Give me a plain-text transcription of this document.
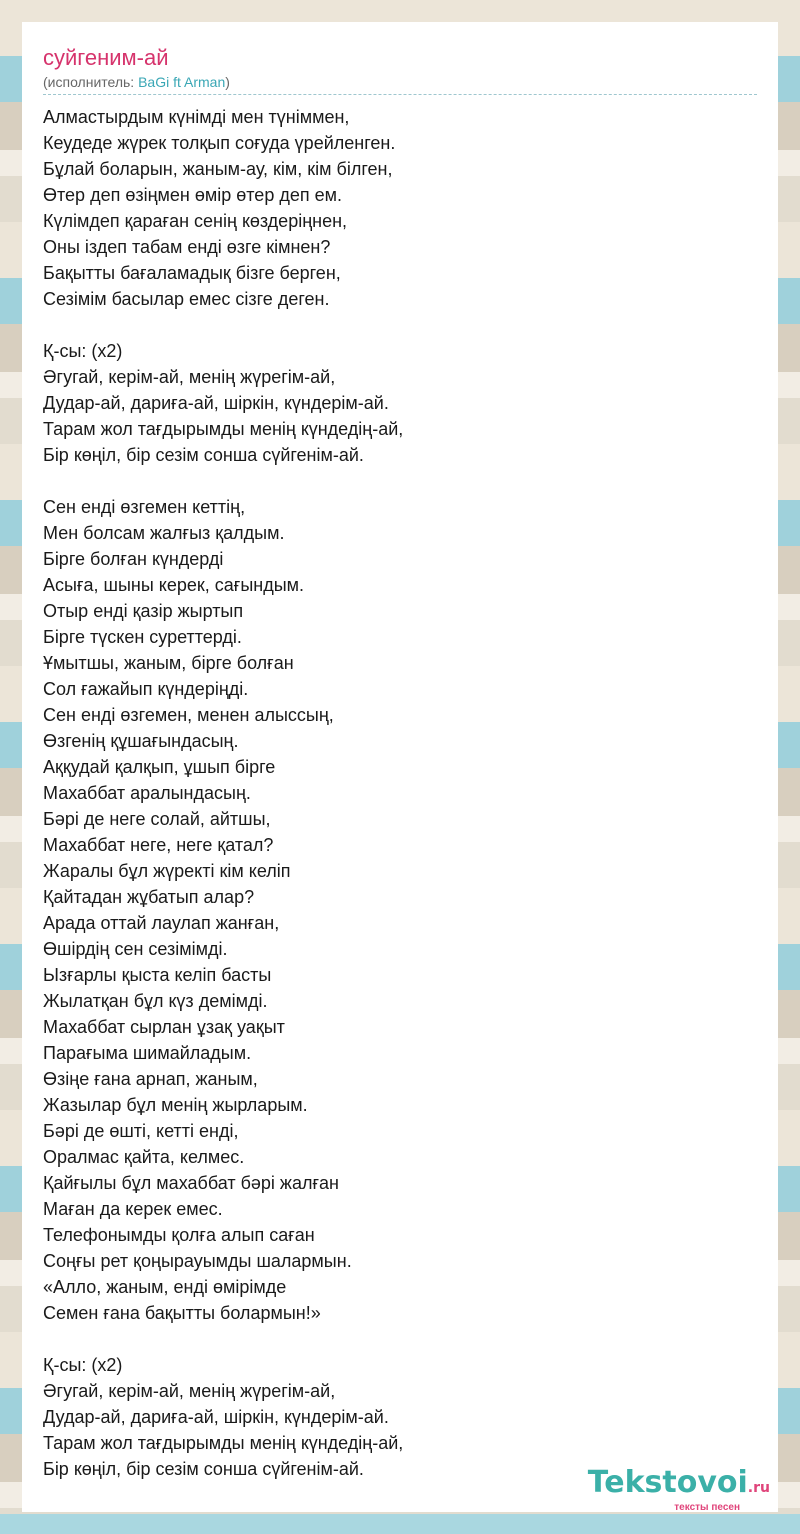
суйгеним-ай
(исполнитель: BaGi ft Arman)
Алмастырдым күнімді мен түніммен,
Кеудеде жүрек толқып соғуда үрейленген.
Бұлай боларын, жаным-ау, кім, кім білген,
Өтер деп өзіңмен өмір өтер деп ем.
Күлімдеп қараған сенің көздеріңнен,
Оны іздеп табам енді өзге кімнен?
Бақытты бағаламадық бізге берген,
Сезімім басылар емес сізге деген.
Қ-сы: (x2)
Әгугай, керім-ай, менің жүрегім-ай,
Дудар-ай, дариға-ай, шіркін, күндерім-ай.
Тарам жол тағдырымды менің күндедің-ай,
Бір көңіл, бір сезім сонша сүйгенім-ай.
Сен енді өзгемен кеттің,
Мен болсам жалғыз қалдым.
Бірге болған күндерді
Асыға, шыны керек, сағындым.
Отыр енді қазір жыртып
Бірге түскен суреттерді.
Ұмытшы, жаным, бірге болған
Сол ғажайып күндеріңді.
Сен енді өзгемен, менен алыссың,
Өзгенің құшағындасың.
Аққудай қалқып, ұшып бірге
Махаббат аралындасың.
Бәрі де неге солай, айтшы,
Махаббат неге, неге қатал?
Жаралы бұл жүректі кім келіп
Қайтадан жұбатып алар?
Арада оттай лаулап жанған,
Өшірдің сен сезімімді.
Ызғарлы қыста келіп басты
Жылатқан бұл күз демімді.
Махаббат сырлан ұзақ уақыт
Парағыма шимайладым.
Өзіңе ғана арнап, жаным,
Жазылар бұл менің жырларым.
Бәрі де өшті, кетті енді,
Оралмас қайта, келмес.
Қайғылы бұл махаббат бәрі жалған
Маған да керек емес.
Телефонымды қолға алып саған
Соңғы рет қоңырауымды шалармын.
«Алло, жаным, енді өмірімде
Семен ғана бақытты болармын!»
Қ-сы: (x2)
Әгугай, керім-ай, менің жүрегім-ай,
Дудар-ай, дариға-ай, шіркін, күндерім-ай.
Тарам жол тағдырымды менің күндедің-ай,
Бір көңіл, бір сезім сонша сүйгенім-ай.	Tekstovoi.ru
тексты песен
